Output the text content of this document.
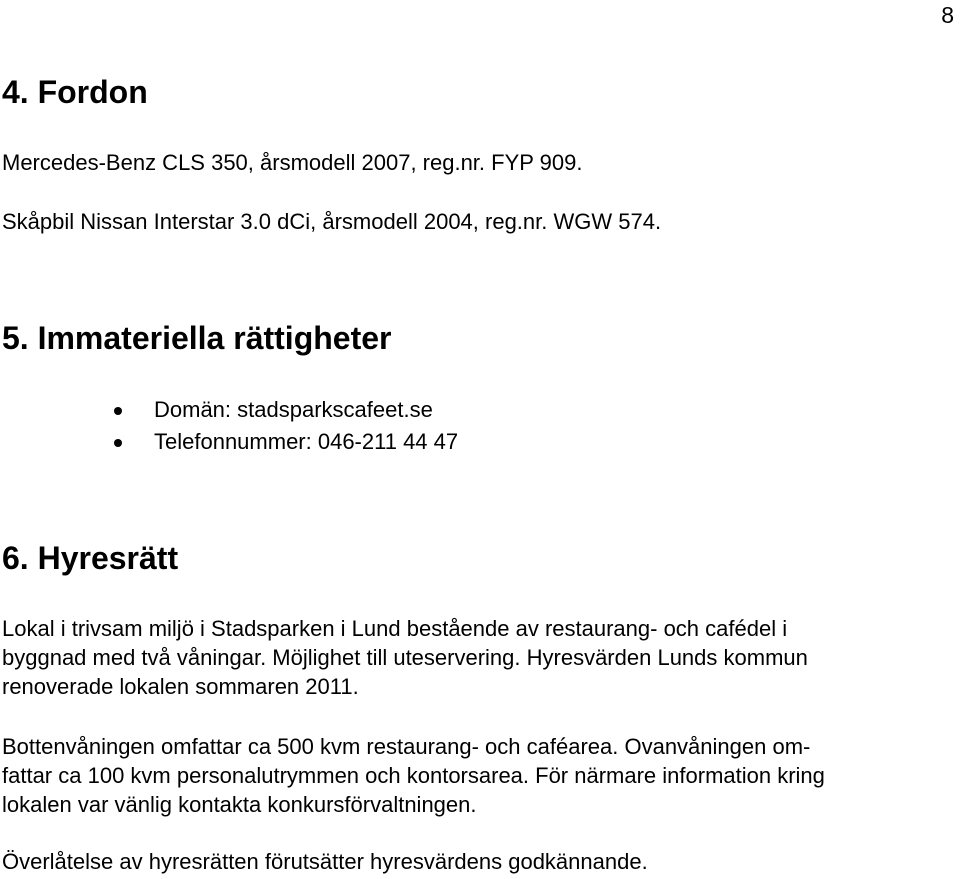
8
4. Fordon

Mercedes-Benz CLS 350, årsmodell 2007, reg.nr. FYP 909.

Skåpbil Nissan Interstar 3.0 dCi, årsmodell 2004, reg.nr. WGW 574.

5. Immateriella rättigheter
Domän: stadsparkscafeet.se
Telefonnummer: 046-211 44 47
6. Hyresrätt

Lokal i trivsam miljö i Stadsparken i Lund bestående av restaurang- och cafédel i

byggnad med två våningar. Möjlighet till uteservering. Hyresvärden Lunds kommun

renoverade lokalen sommaren 2011.

Bottenvåningen omfattar ca 500 kvm restaurang- och caféarea. Ovanvåningen om-

fattar ca 100 kvm personalutrymmen och kontorsarea. För närmare information kring

lokalen var vänlig kontakta konkursförvaltningen.

Överlåtelse av hyresrätten förutsätter hyresvärdens godkännande.
